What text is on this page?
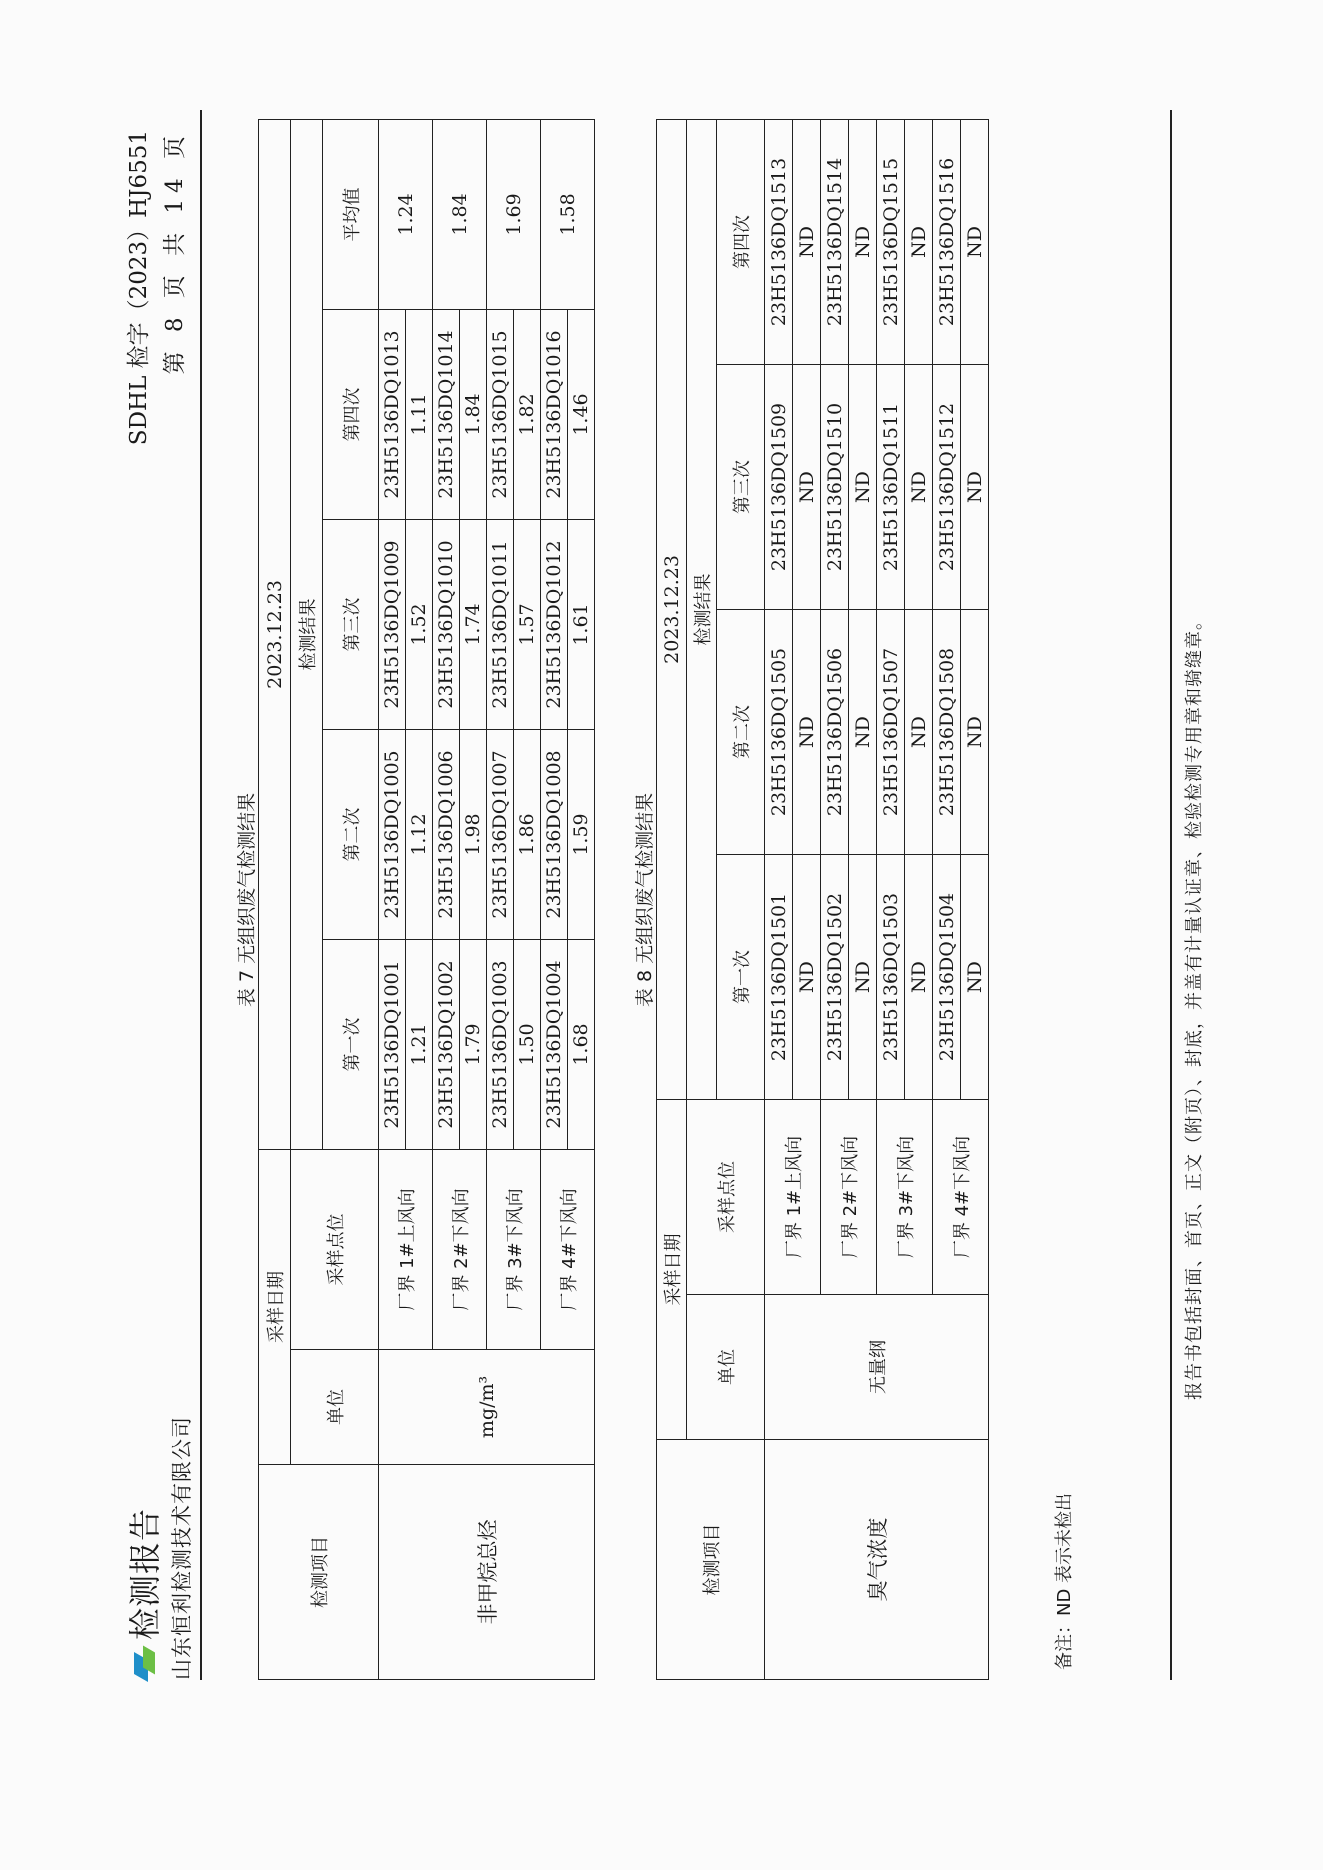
检测报告 山东恒利检测技术有限公司
SDHL 检字（2023）HJ6551 第 8 页 共 14 页
表 7 无组织废气检测结果
检测项目	采样日期		2023.12.23				
	单位	采样点位	检测结果				
			第一次	第二次	第三次	第四次	平均值
非甲烷总烃	mg/m³	厂界 1#上风向	23H5136DQ1001	23H5136DQ1005	23H5136DQ1009	23H5136DQ1013	1.24
			1.21	1.12	1.52	1.11	
		厂界 2#下风向	23H5136DQ1002	23H5136DQ1006	23H5136DQ1010	23H5136DQ1014	1.84
			1.79	1.98	1.74	1.84	
		厂界 3#下风向	23H5136DQ1003	23H5136DQ1007	23H5136DQ1011	23H5136DQ1015	1.69
			1.50	1.86	1.57	1.82	
		厂界 4#下风向	23H5136DQ1004	23H5136DQ1008	23H5136DQ1012	23H5136DQ1016	1.58
			1.68	1.59	1.61	1.46	
表 8 无组织废气检测结果
检测项目	采样日期		2023.12.23			
	单位	采样点位	检测结果			
			第一次	第二次	第三次	第四次
臭气浓度	无量纲	厂界 1#上风向	23H5136DQ1501	23H5136DQ1505	23H5136DQ1509	23H5136DQ1513
			ND	ND	ND	ND
		厂界 2#下风向	23H5136DQ1502	23H5136DQ1506	23H5136DQ1510	23H5136DQ1514
			ND	ND	ND	ND
		厂界 3#下风向	23H5136DQ1503	23H5136DQ1507	23H5136DQ1511	23H5136DQ1515
			ND	ND	ND	ND
		厂界 4#下风向	23H5136DQ1504	23H5136DQ1508	23H5136DQ1512	23H5136DQ1516
			ND	ND	ND	ND
备注：ND 表示未检出
报告书包括封面、首页、正文（附页）、封底，并盖有计量认证章、检验检测专用章和骑缝章。
